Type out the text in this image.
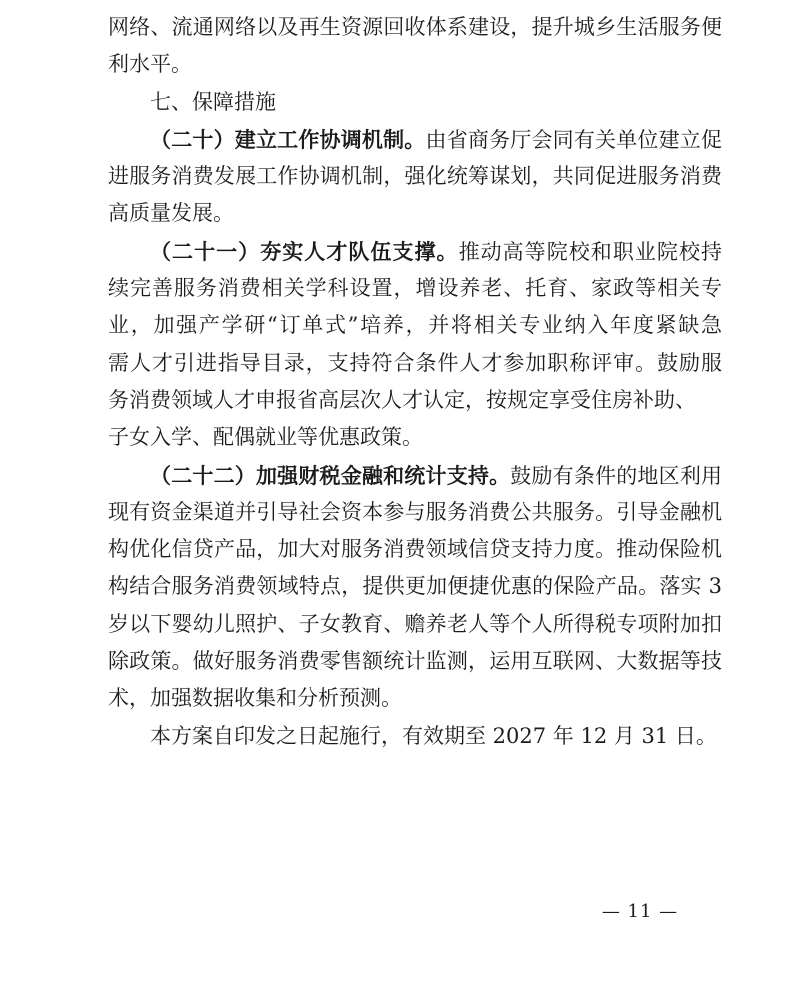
网络、流通网络以及再生资源回收体系建设，提升城乡生活服务便
利水平。
七、保障措施
（二十）建立工作协调机制。由省商务厅会同有关单位建立促
进服务消费发展工作协调机制，强化统筹谋划，共同促进服务消费
高质量发展。
（二十一）夯实人才队伍支撑。推动高等院校和职业院校持
续完善服务消费相关学科设置，增设养老、托育、家政等相关专
业，加强产学研“订单式”培养，并将相关专业纳入年度紧缺急
需人才引进指导目录，支持符合条件人才参加职称评审。鼓励服
务消费领域人才申报省高层次人才认定，按规定享受住房补助、
子女入学、配偶就业等优惠政策。
（二十二）加强财税金融和统计支持。鼓励有条件的地区利用
现有资金渠道并引导社会资本参与服务消费公共服务。引导金融机
构优化信贷产品，加大对服务消费领域信贷支持力度。推动保险机
构结合服务消费领域特点，提供更加便捷优惠的保险产品。落实 3
岁以下婴幼儿照护、子女教育、赡养老人等个人所得税专项附加扣
除政策。做好服务消费零售额统计监测，运用互联网、大数据等技
术，加强数据收集和分析预测。
本方案自印发之日起施行，有效期至 2027 年 12 月 31 日。
— 11 —
